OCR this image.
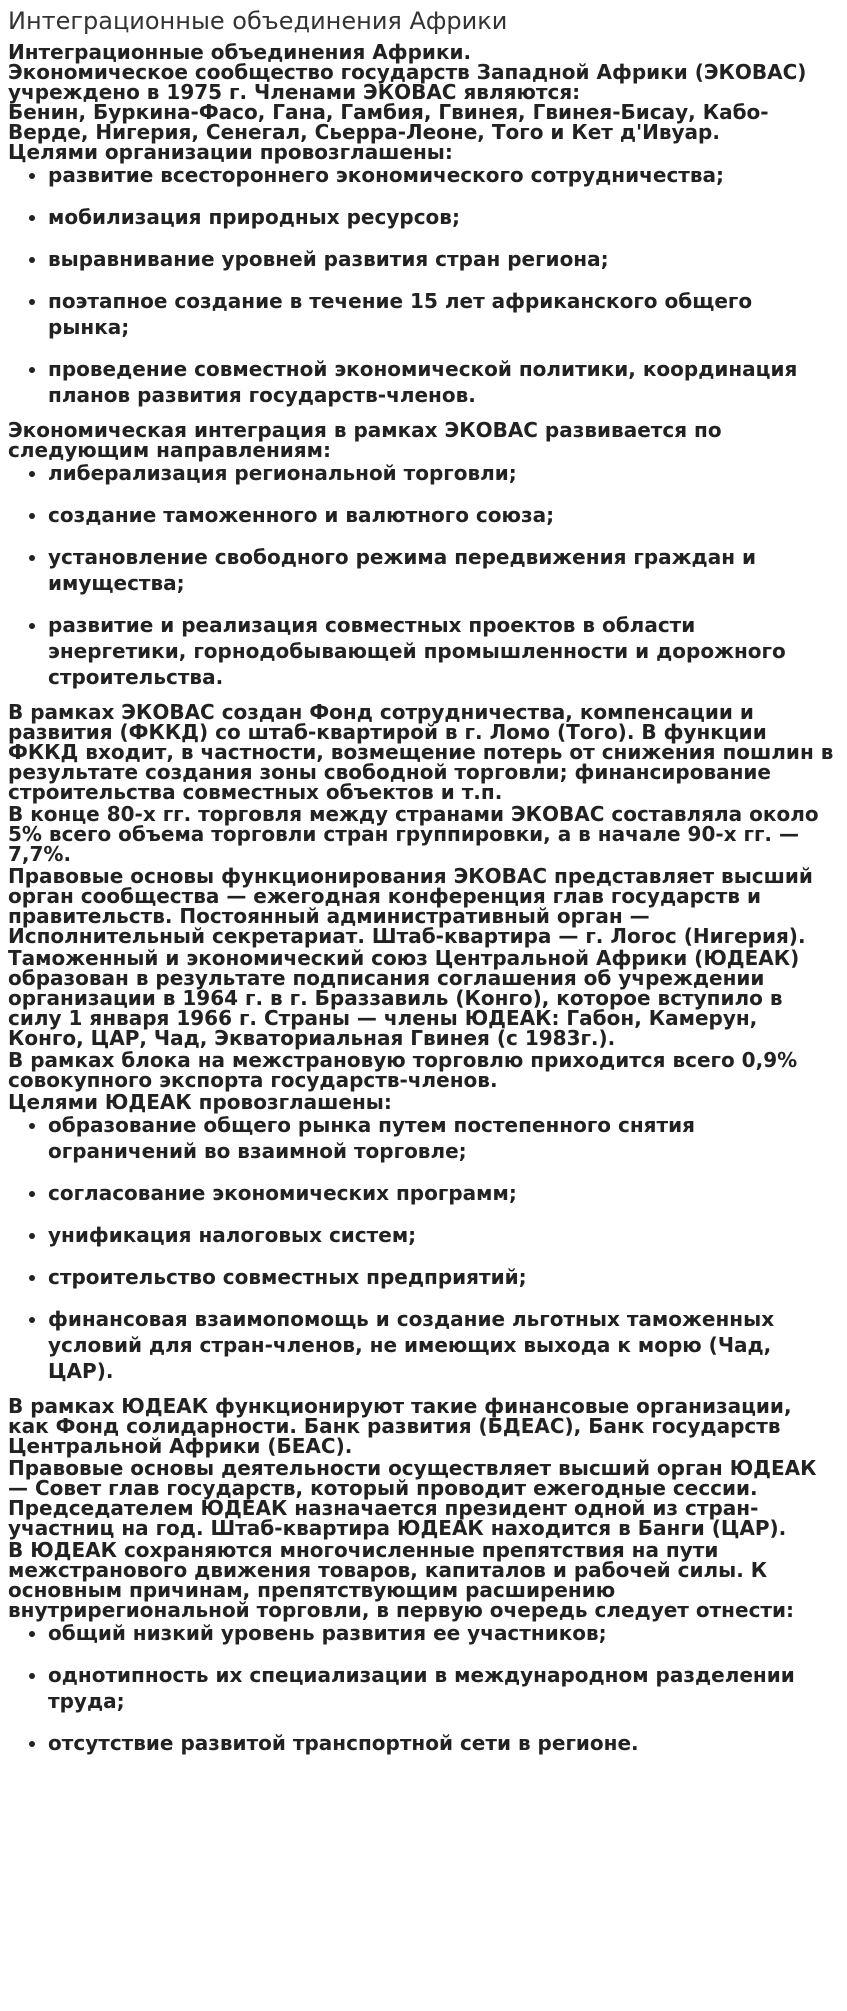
Интеграционные объединения Африки

Интеграционные объединения Африки.

Экономическое сообщество государств Западной Африки (ЭКОВАС) учреждено в 1975 г. Членами ЭКОВАС являются:

Бенин, Буркина-Фасо, Гана, Гамбия, Гвинея, Гвинея-Бисау, Кабо-Верде, Нигерия, Сенегал, Сьерра-Леоне, Того и Кет д'Ивуар.

Целями организации провозглашены:

• развитие всестороннего экономического сотрудничества;
• мобилизация природных ресурсов;
• выравнивание уровней развития стран региона;
• поэтапное создание в течение 15 лет африканского общего рынка;
• проведение совместной экономической политики, координация планов развития государств-членов.

Экономическая интеграция в рамках ЭКОВАС развивается по следующим направлениям:

• либерализация региональной торговли;
• создание таможенного и валютного союза;
• установление свободного режима передвижения граждан и имущества;
• развитие и реализация совместных проектов в области энергетики, горнодобывающей промышленности и дорожного строительства.

В рамках ЭКОВАС создан Фонд сотрудничества, компенсации и развития (ФККД) со штаб-квартирой в г. Ломо (Того). В функции ФККД входит, в частности, возмещение потерь от снижения пошлин в результате создания зоны свободной торговли; финансирование строительства совместных объектов и т.п.

В конце 80-х гг. торговля между странами ЭКОВАС составляла около 5% всего объема торговли стран группировки, а в начале 90-х гг. — 7,7%.

Правовые основы функционирования ЭКОВАС представляет высший орган сообщества — ежегодная конференция глав государств и правительств. Постоянный административный орган — Исполнительный секретариат. Штаб-квартира — г. Логос (Нигерия).

Таможенный и экономический союз Центральной Африки (ЮДЕАК) образован в результате подписания соглашения об учреждении организации в 1964 г. в г. Браззавиль (Конго), которое вступило в силу 1 января 1966 г. Страны — члены ЮДЕАК: Габон, Камерун, Конго, ЦАР, Чад, Экваториальная Гвинея (с 1983г.).

В рамках блока на межстрановую торговлю приходится всего 0,9% совокупного экспорта государств-членов.

Целями ЮДЕАК провозглашены:

• образование общего рынка путем постепенного снятия ограничений во взаимной торговле;
• согласование экономических программ;
• унификация налоговых систем;
• строительство совместных предприятий;
• финансовая взаимопомощь и создание льготных таможенных условий для стран-членов, не имеющих выхода к морю (Чад, ЦАР).

В рамках ЮДЕАК функционируют такие финансовые организации, как Фонд солидарности. Банк развития (БДЕАС), Банк государств Центральной Африки (БЕАС).

Правовые основы деятельности осуществляет высший орган ЮДЕАК — Совет глав государств, который проводит ежегодные сессии. Председателем ЮДЕАК назначается президент одной из стран-участниц на год. Штаб-квартира ЮДЕАК находится в Банги (ЦАР).

В ЮДЕАК сохраняются многочисленные препятствия на пути межстранового движения товаров, капиталов и рабочей силы. К основным причинам, препятствующим расширению внутрирегиональной торговли, в первую очередь следует отнести:

• общий низкий уровень развития ее участников;
• однотипность их специализации в международном разделении труда;
• отсутствие развитой транспортной сети в регионе.
